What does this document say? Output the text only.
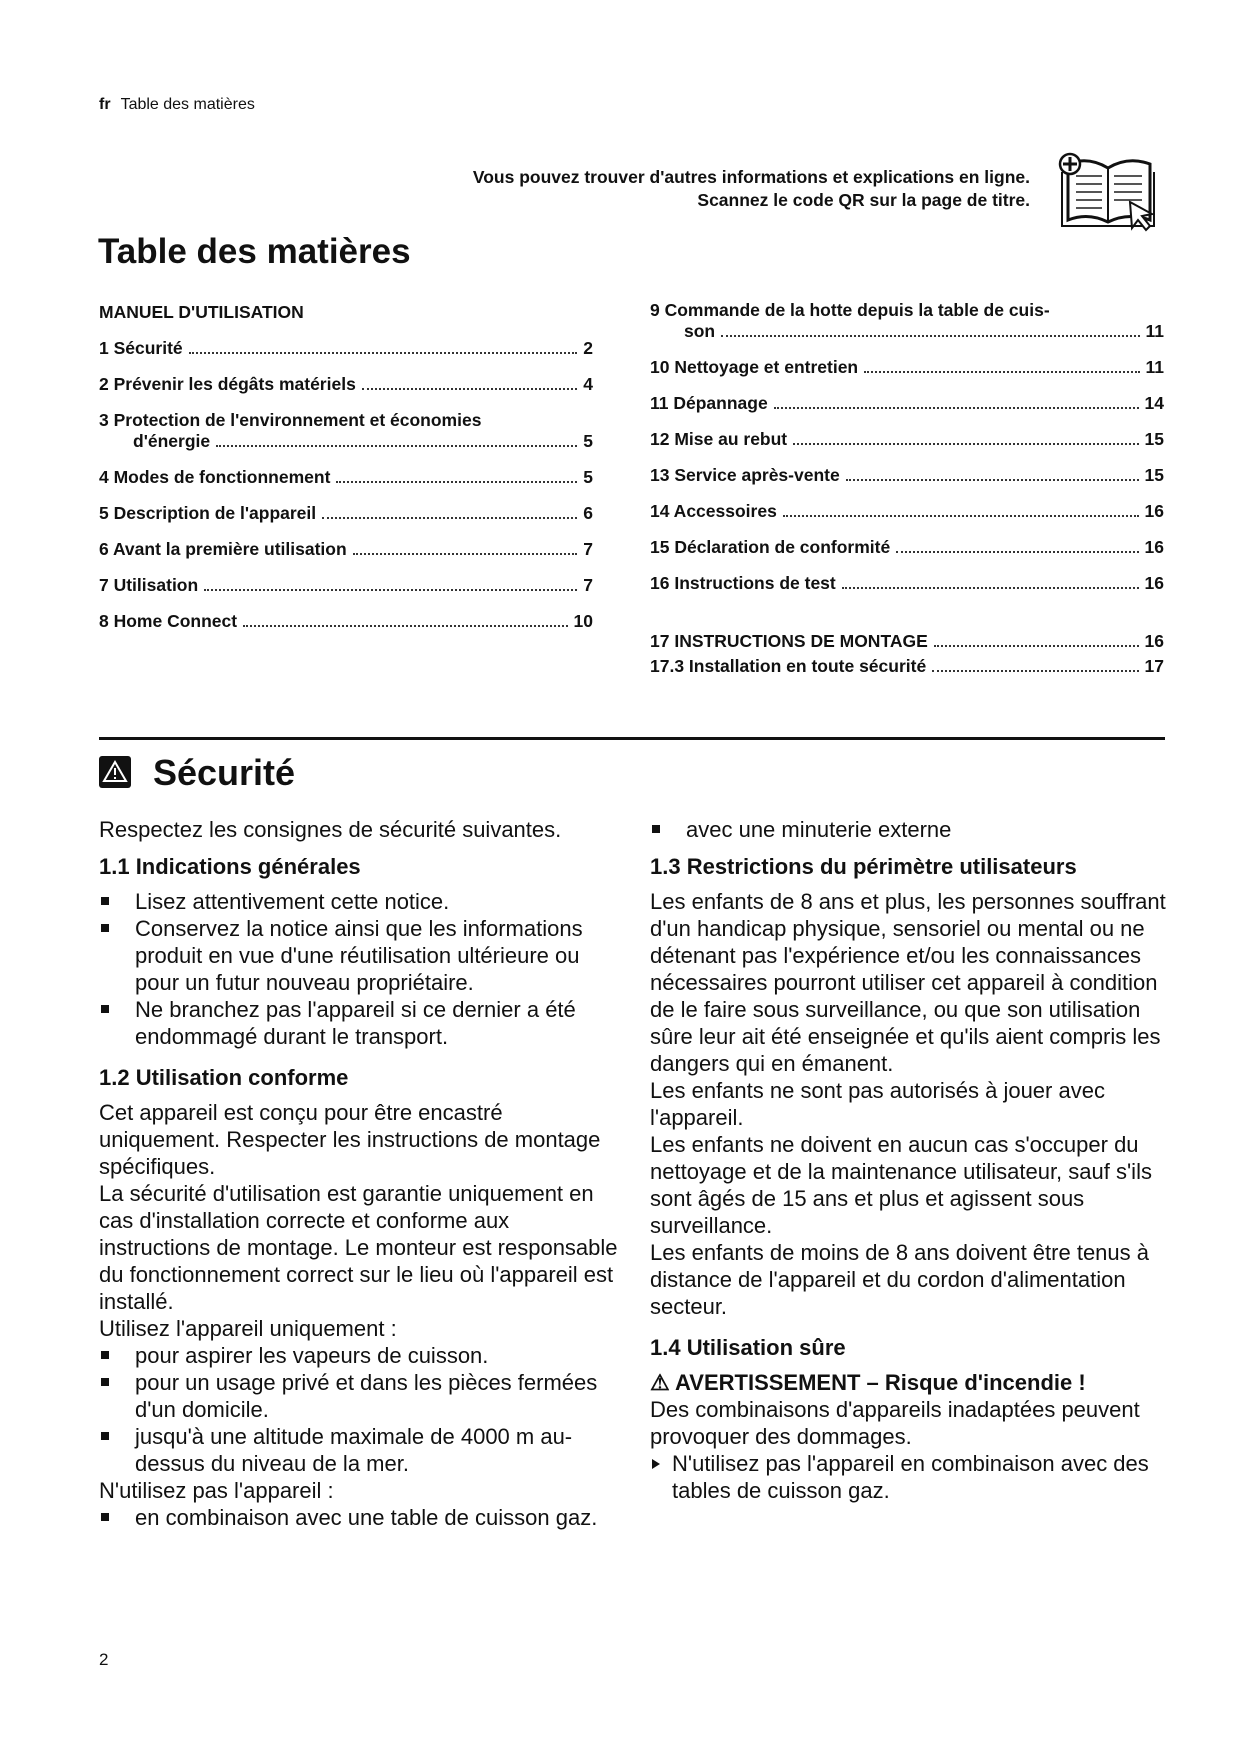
fr Table des matières
Vous pouvez trouver d'autres informations et explications en ligne. Scannez le code QR sur la page de titre.
Table des matières
MANUEL D'UTILISATION
1 Sécurité	2
2 Prévenir les dégâts matériels	4
3 Protection de l'environnement et économies
d'énergie	5
4 Modes de fonctionnement	5
5 Description de l'appareil	6
6 Avant la première utilisation	7
7 Utilisation	7
8 Home Connect	10
9 Commande de la hotte depuis la table de cuis-
son	11
10 Nettoyage et entretien	11
11 Dépannage	14
12 Mise au rebut	15
13 Service après-vente	15
14 Accessoires	16
15 Déclaration de conformité	16
16 Instructions de test	16
17 INSTRUCTIONS DE MONTAGE	16
17.3 Installation en toute sécurité	17
Sécurité

Respectez les consignes de sécurité suivantes.

1.1 Indications générales
Lisez attentivement cette notice.
Conservez la notice ainsi que les informations produit en vue d'une réutilisation ultérieure ou pour un futur nouveau propriétaire.
Ne branchez pas l'appareil si ce dernier a été endommagé durant le transport.
1.2 Utilisation conforme

Cet appareil est conçu pour être encastré uniquement. Respecter les instructions de montage spécifiques.

La sécurité d'utilisation est garantie uniquement en cas d'installation correcte et conforme aux instructions de montage. Le monteur est responsable du fonctionnement correct sur le lieu où l'appareil est installé.

Utilisez l'appareil uniquement :

pour aspirer les vapeurs de cuisson.
pour un usage privé et dans les pièces fermées d'un domicile.
jusqu'à une altitude maximale de 4000 m au-dessus du niveau de la mer.

N'utilisez pas l'appareil :

en combinaison avec une table de cuisson gaz.
avec une minuterie externe
1.3 Restrictions du périmètre utilisateurs

Les enfants de 8 ans et plus, les personnes souffrant d'un handicap physique, sensoriel ou mental ou ne détenant pas l'expérience et/ou les connaissances nécessaires pourront utiliser cet appareil à condition de le faire sous surveillance, ou que son utilisation sûre leur ait été enseignée et qu'ils aient compris les dangers qui en émanent.

Les enfants ne sont pas autorisés à jouer avec l'appareil.

Les enfants ne doivent en aucun cas s'occuper du nettoyage et de la maintenance utilisateur, sauf s'ils sont âgés de 15 ans et plus et agissent sous surveillance.

Les enfants de moins de 8 ans doivent être tenus à distance de l'appareil et du cordon d'alimentation secteur.

1.4 Utilisation sûre

⚠ AVERTISSEMENT – Risque d'incendie !

Des combinaisons d'appareils inadaptées peuvent provoquer des dommages.

N'utilisez pas l'appareil en combinaison avec des tables de cuisson gaz.
2
